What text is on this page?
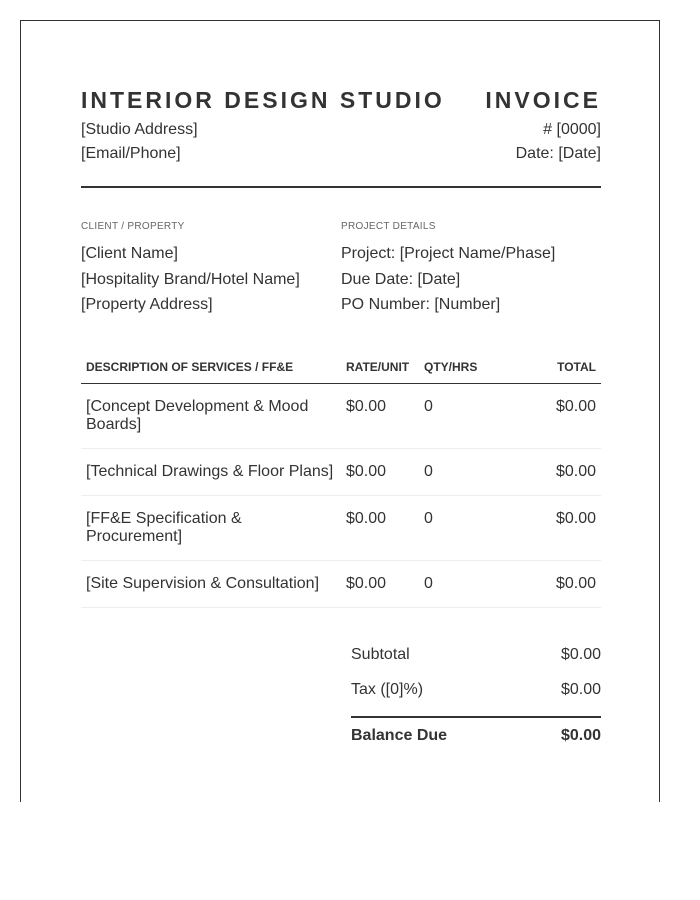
INTERIOR DESIGN STUDIO INVOICE
[Studio Address]	# [0000]
[Email/Phone]	Date: [Date]
CLIENT / PROPERTY
[Client Name]
[Hospitality Brand/Hotel Name]
[Property Address]
PROJECT DETAILS
Project: [Project Name/Phase]
Due Date: [Date]
PO Number: [Number]
DESCRIPTION OF SERVICES / FF&E	RATE/UNIT	QTY/HRS	TOTAL
[Concept Development & Mood Boards]	$0.00	0	$0.00
[Technical Drawings & Floor Plans]	$0.00	0	$0.00
[FF&E Specification & Procurement]	$0.00	0	$0.00
[Site Supervision & Consultation]	$0.00	0	$0.00
Subtotal	$0.00
Tax ([0]%)	$0.00
Balance Due	$0.00
